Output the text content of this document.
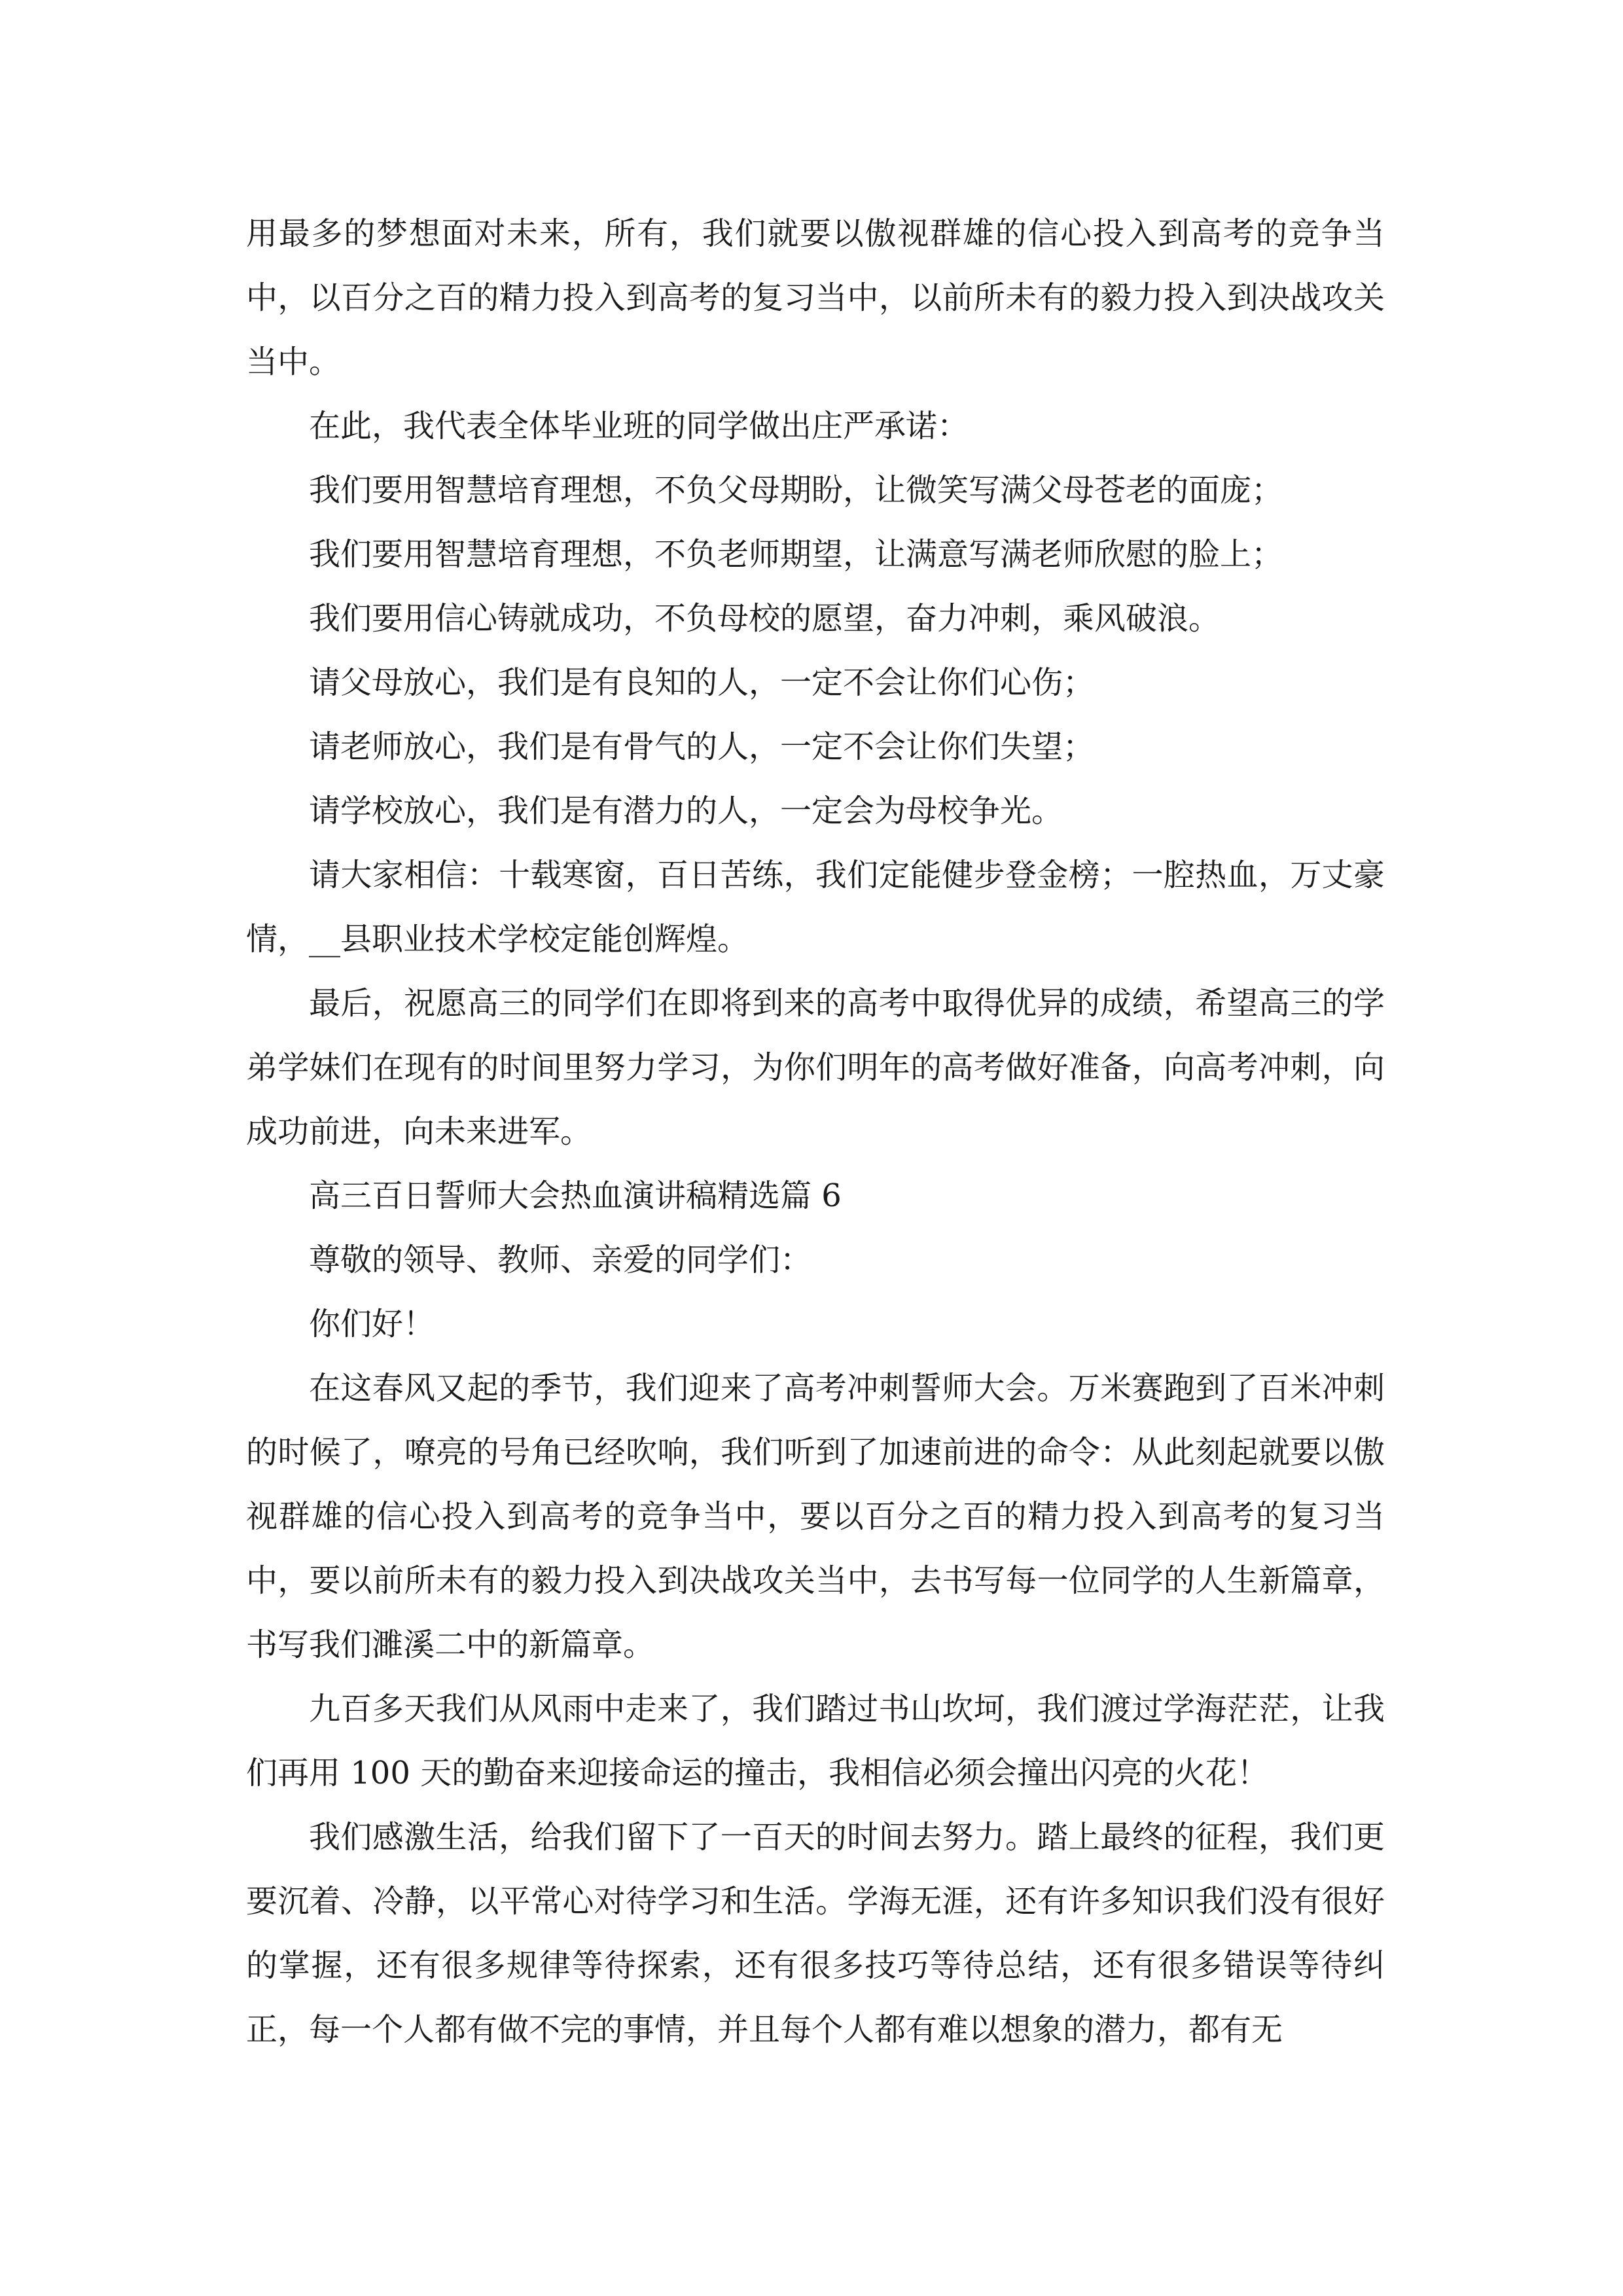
用最多的梦想面对未来，所有，我们就要以傲视群雄的信心投入到高考的竞争当中，以百分之百的精力投入到高考的复习当中，以前所未有的毅力投入到决战攻关当中。

在此，我代表全体毕业班的同学做出庄严承诺：

我们要用智慧培育理想，不负父母期盼，让微笑写满父母苍老的面庞；

我们要用智慧培育理想，不负老师期望，让满意写满老师欣慰的脸上；

我们要用信心铸就成功，不负母校的愿望，奋力冲刺，乘风破浪。

请父母放心，我们是有良知的人，一定不会让你们心伤；

请老师放心，我们是有骨气的人，一定不会让你们失望；

请学校放心，我们是有潜力的人，一定会为母校争光。

请大家相信：十载寒窗，百日苦练，我们定能健步登金榜；一腔热血，万丈豪情，__县职业技术学校定能创辉煌。

最后，祝愿高三的同学们在即将到来的高考中取得优异的成绩，希望高三的学弟学妹们在现有的时间里努力学习，为你们明年的高考做好准备，向高考冲刺，向成功前进，向未来进军。

高三百日誓师大会热血演讲稿精选篇 6

尊敬的领导、教师、亲爱的同学们：

你们好！

在这春风又起的季节，我们迎来了高考冲刺誓师大会。万米赛跑到了百米冲刺的时候了，嘹亮的号角已经吹响，我们听到了加速前进的命令：从此刻起就要以傲视群雄的信心投入到高考的竞争当中，要以百分之百的精力投入到高考的复习当中，要以前所未有的毅力投入到决战攻关当中，去书写每一位同学的人生新篇章，书写我们濉溪二中的新篇章。

九百多天我们从风雨中走来了，我们踏过书山坎坷，我们渡过学海茫茫，让我们再用 100 天的勤奋来迎接命运的撞击，我相信必须会撞出闪亮的火花！

我们感激生活，给我们留下了一百天的时间去努力。踏上最终的征程，我们更要沉着、冷静，以平常心对待学习和生活。学海无涯，还有许多知识我们没有很好的掌握，还有很多规律等待探索，还有很多技巧等待总结，还有很多错误等待纠正，每一个人都有做不完的事情，并且每个人都有难以想象的潜力，都有无
